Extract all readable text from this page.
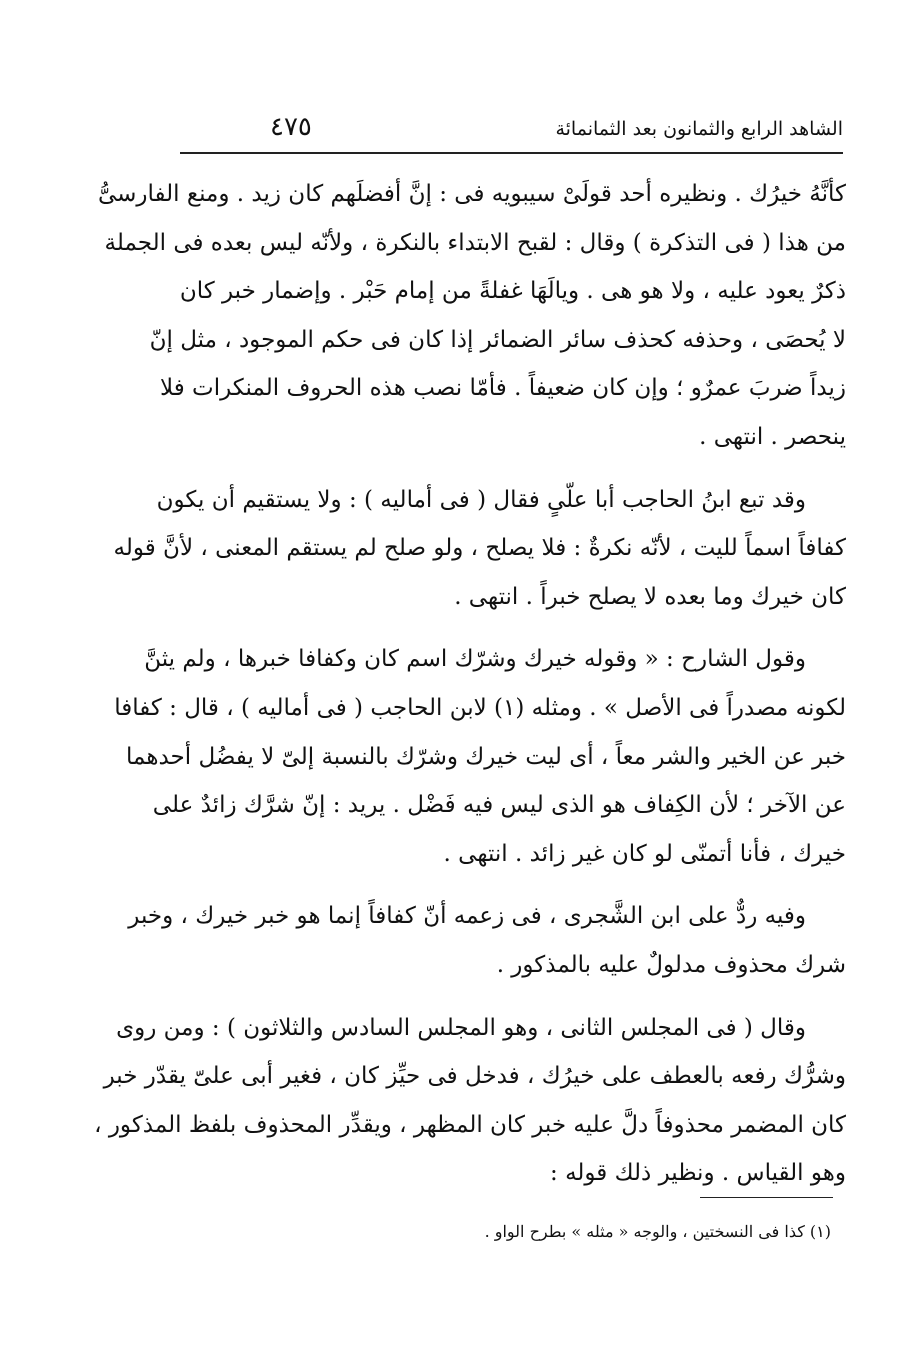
الشاهد الرابع والثمانون بعد الثمانمائة
٤٧٥
كأنَّهُ خيرُك . ونظيره أحد قولَىْ سيبويه فى : إنَّ أفضلَهم كان زيد . ومنع الفارسىُّ
من هذا ( فى التذكرة ) وقال : لقبح الابتداء بالنكرة ، ولأنّه ليس بعده فى الجملة
ذكرٌ يعود عليه ، ولا هو هى . ويالَهَا غفلةً من إمام حَبْر . وإضمار خبر كان
لا يُحصَى ، وحذفه كحذف سائر الضمائر إذا كان فى حكم الموجود ، مثل إنّ
زيداً ضربَ عمرٌو ؛ وإن كان ضعيفاً . فأمّا نصب هذه الحروف المنكرات فلا
ينحصر . انتهى .
وقد تبع ابنُ الحاجب أبا علّىٍ فقال ( فى أماليه ) : ولا يستقيم أن يكون
كفافاً اسماً لليت ، لأنّه نكرةٌ : فلا يصلح ، ولو صلح لم يستقم المعنى ، لأنَّ قوله
كان خيرك وما بعده لا يصلح خبراً . انتهى .
وقول الشارح : « وقوله خيرك وشرّك اسم كان وكفافا خبرها ، ولم يثنَّ
لكونه مصدراً فى الأصل » . ومثله (١) لابن الحاجب ( فى أماليه ) ، قال : كفافا
خبر عن الخير والشر معاً ، أى ليت خيرك وشرّك بالنسبة إلىّ لا يفضُل أحدهما
عن الآخر ؛ لأن الكِفاف هو الذى ليس فيه فَضْل . يريد : إنّ شرَّك زائدٌ على
خيرك ، فأنا أتمنّى لو كان غير زائد . انتهى .
وفيه ردٌّ على ابن الشَّجرى ، فى زعمه أنّ كفافاً إنما هو خبر خيرك ، وخبر
شرك محذوف مدلولٌ عليه بالمذكور .
وقال ( فى المجلس الثانى ، وهو المجلس السادس والثلاثون ) : ومن روى
وشرُّك رفعه بالعطف على خيرُك ، فدخل فى حيِّز كان ، فغير أبى علىّ يقدّر خبر
كان المضمر محذوفاً دلَّ عليه خبر كان المظهر ، ويقدِّر المحذوف بلفظ المذكور ،
وهو القياس . ونظير ذلك قوله :
(١) كذا فى النسختين ، والوجه « مثله » بطرح الواو .
